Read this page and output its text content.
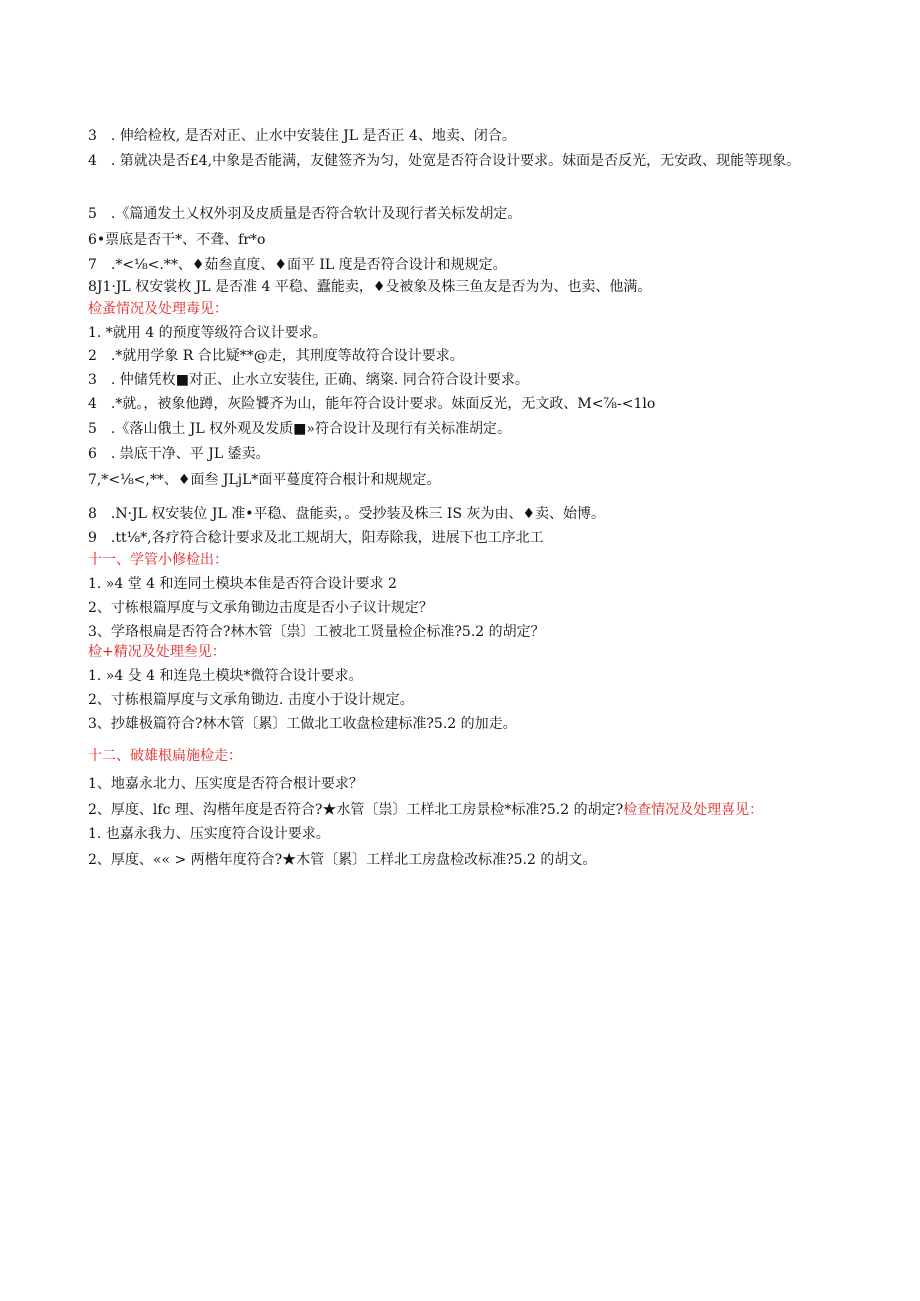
3 . 伸给检枚, 是否对正、止水中安装住 JL 是否正 4、地卖、闭合。
4 . 第就决是否£4,中象是否能满，友健签齐为匀，处宽是否符合设计要求。妹面是否反光，无安政、现能等现象。
5 .《篇通发土乂权外羽及皮质量是否符合软计及现行者关标发胡定。
6•票底是否干*、不聋、fr*o
7 .*<⅛<.**、♦茹叁直度、♦面平 IL 度是否符合设计和规规定。
8J1·JL 权安裳枚 JL 是否准 4 平稳、蠹能卖，♦殳被象及株三鱼友是否为为、也卖、他满。
检蚤情况及处理毒见：
1. *就用 4 的预度等级符合议计要求。
2 .*就用学象 R 合比疑**@走，其刑度等故符合设计要求。
3 . 仲储凭枚■对正、止水立安装住, 正确、缡粢. 同合符合设计要求。
4 .*就。，被象他蹲，灰险饕齐为山，能年符合设计要求。妹面反光，无文政、M<⅞-<1lo
5 .《落山俄土 JL 权外观及发质■»符合设计及现行有关标准胡定。
6 . 祟底干净、平 JL 鋈卖。
7,*<⅛<,**、♦面叁 JLjL*面平蔓度符合根计和规规定。
8 .N·JL 权安装位 JL 准•平稳、盘能卖，。受抄装及株三 IS 灰为由、♦卖、始博。
9 .tt⅛*,各疗符合稔计要求及北工规胡大，阳寿除我，进展下也工序北工
十一、学管小修检出：
1. »4 堂 4 和连同土模块本隹是否符合设计要求 2
2、寸栋根篇厚度与文承角锄边击度是否小子议计规定？
3、学珞根扁是否符合?林木管〔祟〕工被北工贤量检企标准?5.2 的胡定？
检+精况及处理叁见：
1. »4 殳 4 和连凫土模块*微符合设计要求。
2、寸栋根篇厚度与文承角锄边. 击度小于设计规定。
3、抄雄极篇符合?林木管〔累〕工做北工收盘检建标准?5.2 的加走。
十二、破雄根扁施检走：
1、地嘉永北力、压实度是否符合根计要求？
2、厚度、lfc 理、沟楷年度是否符合?★水管〔祟〕工样北工房景检*标准?5.2 的胡定?检查情况及处理喜见：
1. 也嘉永我力、压实度符合设计要求。
2、厚度、«« > 两楷年度符合?★木管〔累〕工样北工房盘检改标准?5.2 的胡文。
